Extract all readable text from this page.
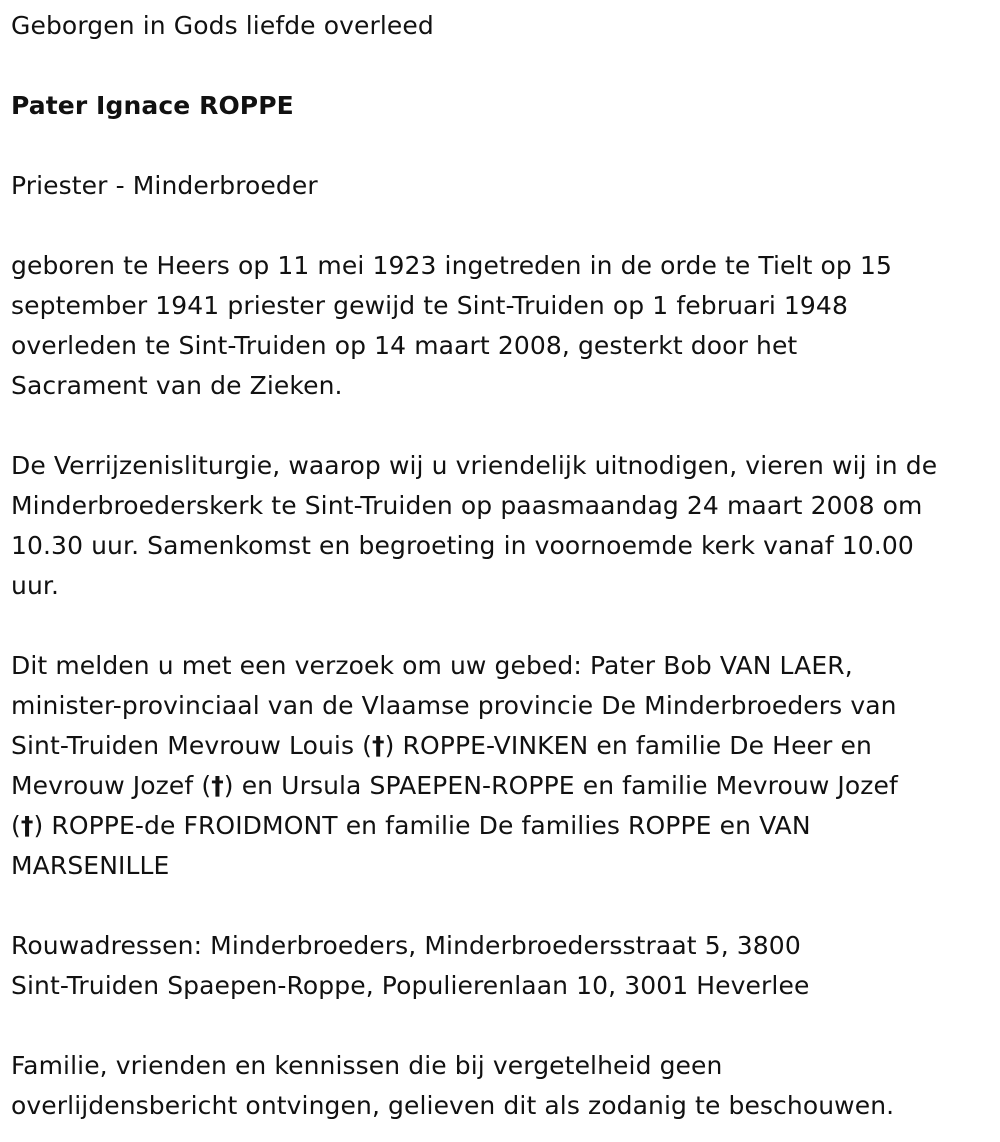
Geborgen in Gods liefde overleed

Pater Ignace ROPPE

Priester - Minderbroeder

geboren te Heers op 11 mei 1923 ingetreden in de orde te Tielt op 15
september 1941 priester gewijd te Sint-Truiden op 1 februari 1948
overleden te Sint-Truiden op 14 maart 2008, gesterkt door het
Sacrament van de Zieken.

De Verrijzenisliturgie, waarop wij u vriendelijk uitnodigen, vieren wij in de
Minderbroederskerk te Sint-Truiden op paasmaandag 24 maart 2008 om
10.30 uur. Samenkomst en begroeting in voornoemde kerk vanaf 10.00
uur.

Dit melden u met een verzoek om uw gebed: Pater Bob VAN LAER,
minister-provinciaal van de Vlaamse provincie De Minderbroeders van
Sint-Truiden Mevrouw Louis (†) ROPPE-VINKEN en familie De Heer en
Mevrouw Jozef (†) en Ursula SPAEPEN-ROPPE en familie Mevrouw Jozef
(†) ROPPE-de FROIDMONT en familie De families ROPPE en VAN
MARSENILLE

Rouwadressen: Minderbroeders, Minderbroedersstraat 5, 3800
Sint-Truiden Spaepen-Roppe, Populierenlaan 10, 3001 Heverlee

Familie, vrienden en kennissen die bij vergetelheid geen
overlijdensbericht ontvingen, gelieven dit als zodanig te beschouwen.
